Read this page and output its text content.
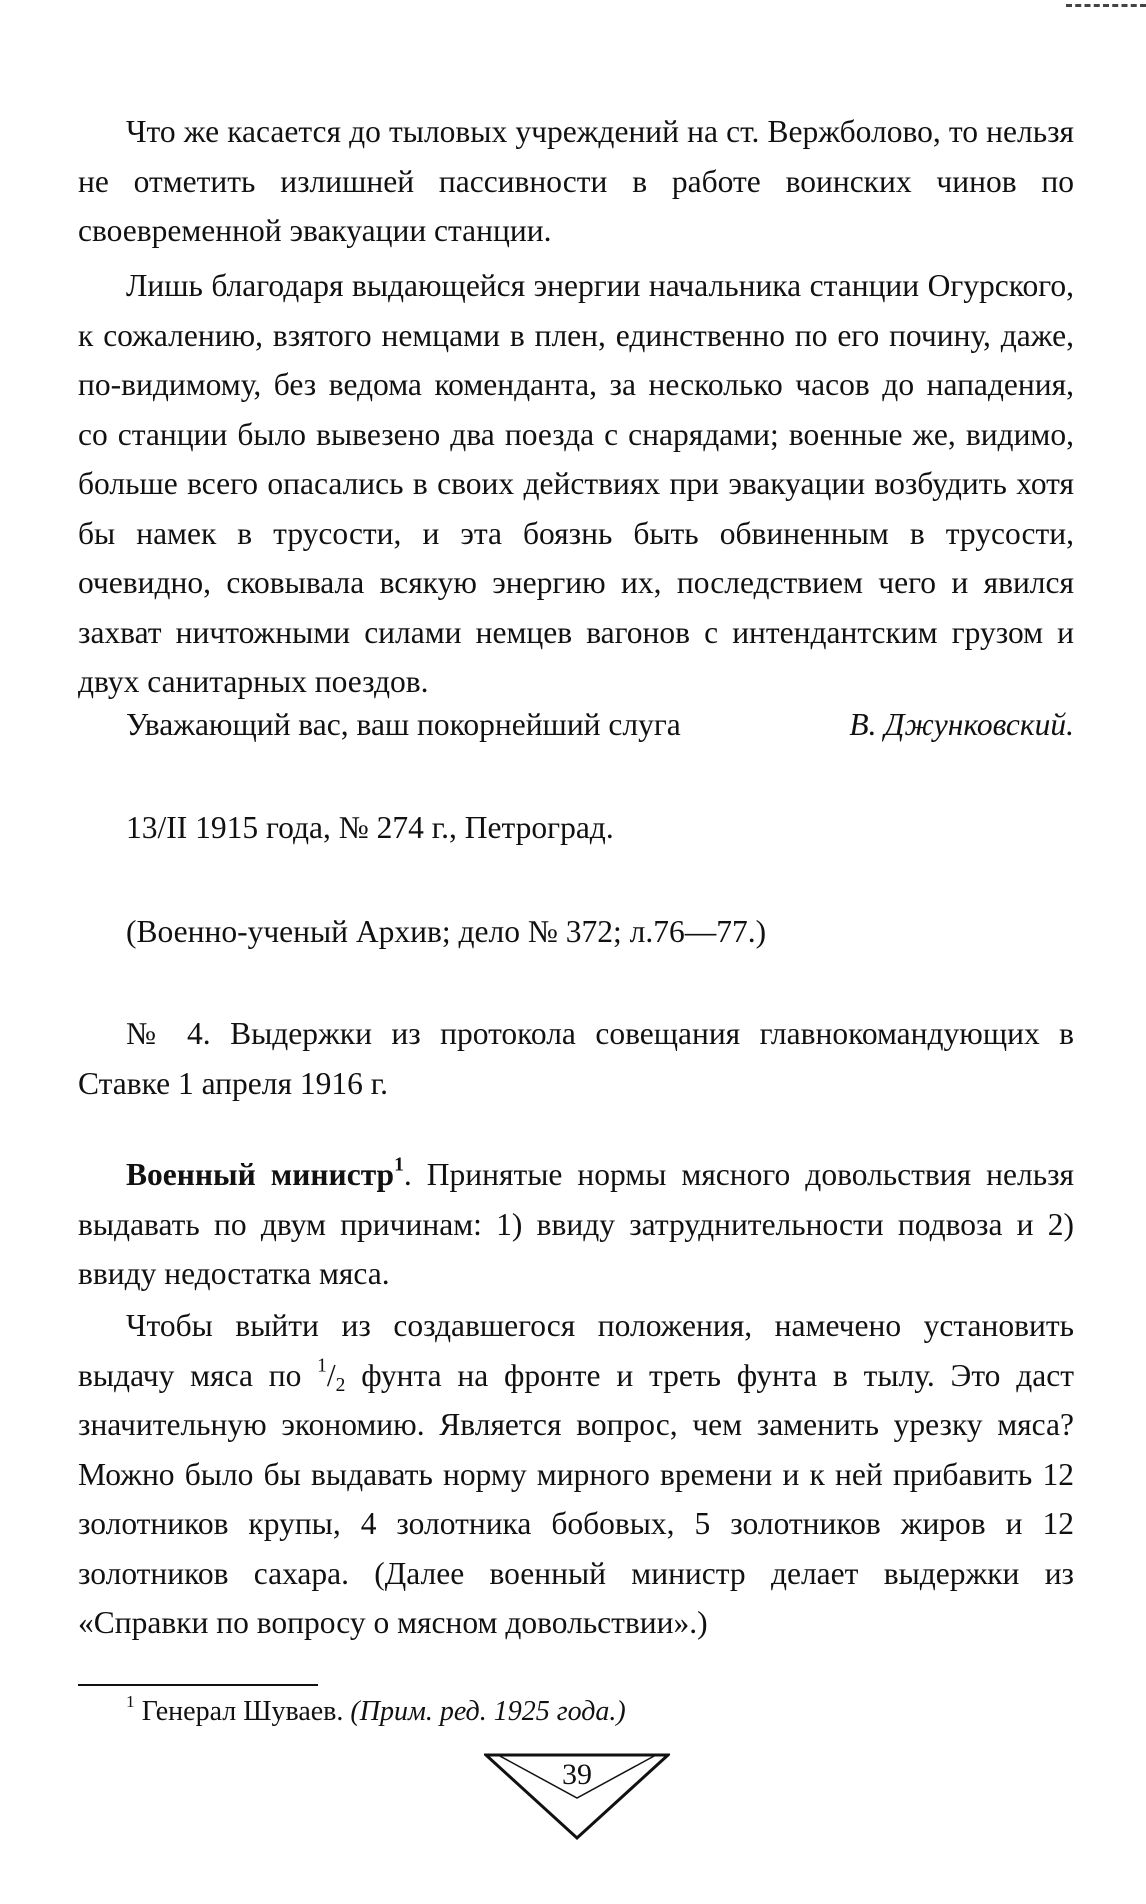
Что же касается до тыловых учреждений на ст. Вержболово, то нельзя не отметить излишней пассивности в работе воинских чинов по своевременной эвакуации станции.

Лишь благодаря выдающейся энергии начальника станции Огурского, к сожалению, взятого немцами в плен, единственно по его почину, даже, по-видимому, без ведома коменданта, за несколько часов до нападения, со станции было вывезено два поезда с снарядами; военные же, видимо, больше всего опасались в своих действиях при эвакуации возбудить хотя бы намек в трусости, и эта боязнь быть обвиненным в трусости, очевидно, сковывала всякую энергию их, последствием чего и явился захват ничтожными силами немцев вагонов с интендантским грузом и двух санитарных поездов.

Уважающий вас, ваш покорнейший слуга	В. Джунковский.
13/II 1915 года, № 274 г., Петроград.
(Военно-ученый Архив; дело № 372; л.76—77.)

№ 4. Выдержки из протокола совещания главнокомандующих в

Ставке 1 апреля 1916 г.

Военный министр$^1$. Принятые нормы мясного довольствия нельзя выдавать по двум причинам: 1) ввиду затруднительности подвоза и 2) ввиду недостатка мяса.

Чтобы выйти из создавшегося положения, намечено установить выдачу мяса по $^1$/2 фунта на фронте и треть фунта в тылу. Это даст значительную экономию. Является вопрос, чем заменить урезку мяса? Можно было бы выдавать норму мирного времени и к ней прибавить 12 золотников крупы, 4 золотника бобовых, 5 золотников жиров и 12 золотников сахара. (Далее военный министр делает выдержки из «Справки по вопросу о мясном довольствии».)

$^1$ Генерал Шуваев. (Прим. ред. 1925 года.)
39
